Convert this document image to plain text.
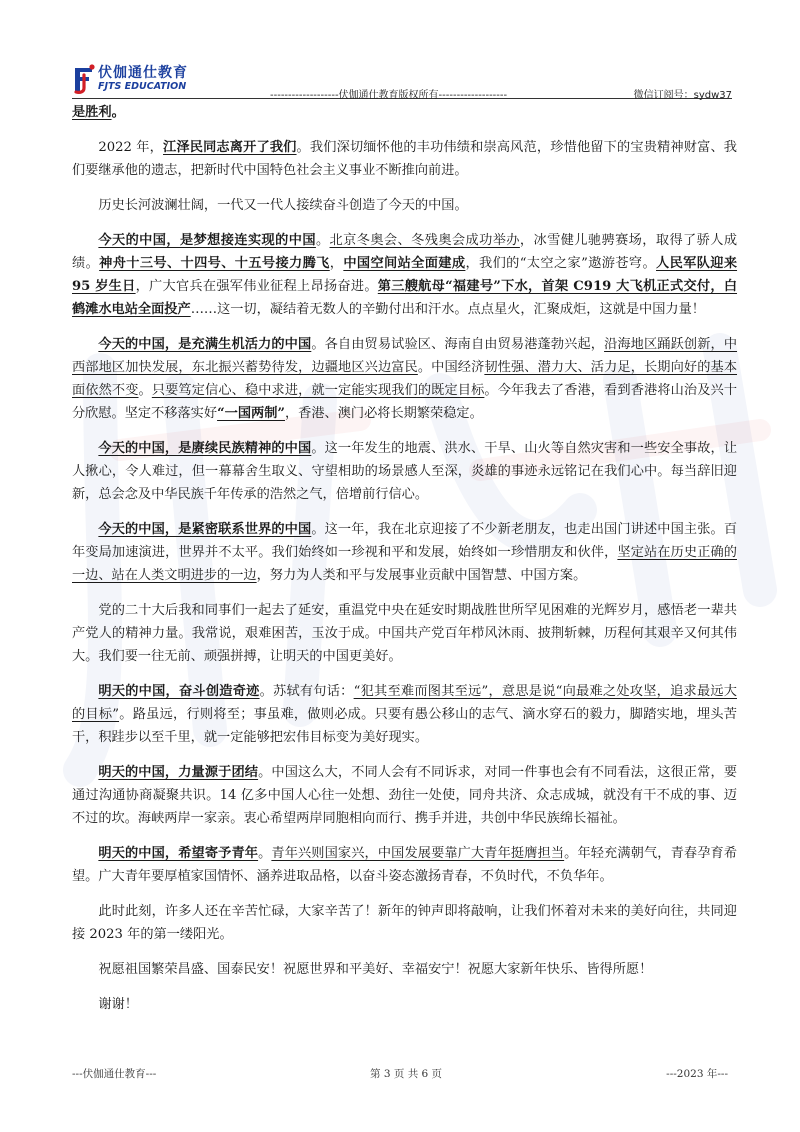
伏伽通仕教育
FJTS EDUCATION
-------------------伏伽通仕教育版权所有-------------------	微信订阅号：sydw37

是胜利。

2022 年，江泽民同志离开了我们。我们深切缅怀他的丰功伟绩和崇高风范，珍惜他留下的宝贵精神财富、我们要继承他的遗志，把新时代中国特色社会主义事业不断推向前进。

历史长河波澜壮阔，一代又一代人接续奋斗创造了今天的中国。

今天的中国，是梦想接连实现的中国。北京冬奥会、冬残奥会成功举办，冰雪健儿驰骋赛场，取得了骄人成绩。神舟十三号、十四号、十五号接力腾飞，中国空间站全面建成，我们的“太空之家”遨游苍穹。人民军队迎来 95 岁生日，广大官兵在强军伟业征程上昂扬奋进。第三艘航母“福建号”下水，首架 C919 大飞机正式交付，白鹤滩水电站全面投产……这一切，凝结着无数人的辛勤付出和汗水。点点星火，汇聚成炬，这就是中国力量！

今天的中国，是充满生机活力的中国。各自由贸易试验区、海南自由贸易港蓬勃兴起，沿海地区踊跃创新，中西部地区加快发展，东北振兴蓄势待发，边疆地区兴边富民。中国经济韧性强、潜力大、活力足，长期向好的基本面依然不变。只要笃定信心、稳中求进，就一定能实现我们的既定目标。今年我去了香港，看到香港将山治及兴十分欣慰。坚定不移落实好“一国两制”，香港、澳门必将长期繁荣稳定。

今天的中国，是赓续民族精神的中国。这一年发生的地震、洪水、干旱、山火等自然灾害和一些安全事故，让人揪心，令人难过，但一幕幕舍生取义、守望相助的场景感人至深，炎雄的事迹永远铭记在我们心中。每当辞旧迎新，总会念及中华民族千年传承的浩然之气，倍增前行信心。

今天的中国，是紧密联系世界的中国。这一年，我在北京迎接了不少新老朋友，也走出国门讲述中国主张。百年变局加速演进，世界并不太平。我们始终如一珍视和平和发展，始终如一珍惜朋友和伙伴，坚定站在历史正确的一边、站在人类文明进步的一边，努力为人类和平与发展事业贡献中国智慧、中国方案。

党的二十大后我和同事们一起去了延安，重温党中央在延安时期战胜世所罕见困难的光辉岁月，感悟老一辈共产党人的精神力量。我常说，艰难困苦，玉汝于成。中国共产党百年栉风沐雨、披荆斩棘，历程何其艰辛又何其伟大。我们要一往无前、顽强拼搏，让明天的中国更美好。

明天的中国，奋斗创造奇迹。苏轼有句话：“犯其至难而图其至远”，意思是说“向最难之处攻坚，追求最远大的目标”。路虽远，行则将至；事虽难，做则必成。只要有愚公移山的志气、滴水穿石的毅力，脚踏实地，埋头苦干，积跬步以至千里，就一定能够把宏伟目标变为美好现实。

明天的中国，力量源于团结。中国这么大，不同人会有不同诉求，对同一件事也会有不同看法，这很正常，要通过沟通协商凝聚共识。14 亿多中国人心往一处想、劲往一处使，同舟共济、众志成城，就没有干不成的事、迈不过的坎。海峡两岸一家亲。衷心希望两岸同胞相向而行、携手并进，共创中华民族绵长福祉。

明天的中国，希望寄予青年。青年兴则国家兴，中国发展要靠广大青年挺膺担当。年轻充满朝气，青春孕育希望。广大青年要厚植家国情怀、涵养进取品格，以奋斗姿态激扬青春，不负时代，不负华年。

此时此刻，许多人还在辛苦忙碌，大家辛苦了！新年的钟声即将敲响，让我们怀着对未来的美好向往，共同迎接 2023 年的第一缕阳光。

祝愿祖国繁荣昌盛、国泰民安！祝愿世界和平美好、幸福安宁！祝愿大家新年快乐、皆得所愿！

谢谢！

---伏伽通仕教育---	第 3 页 共 6 页	---2023 年---
